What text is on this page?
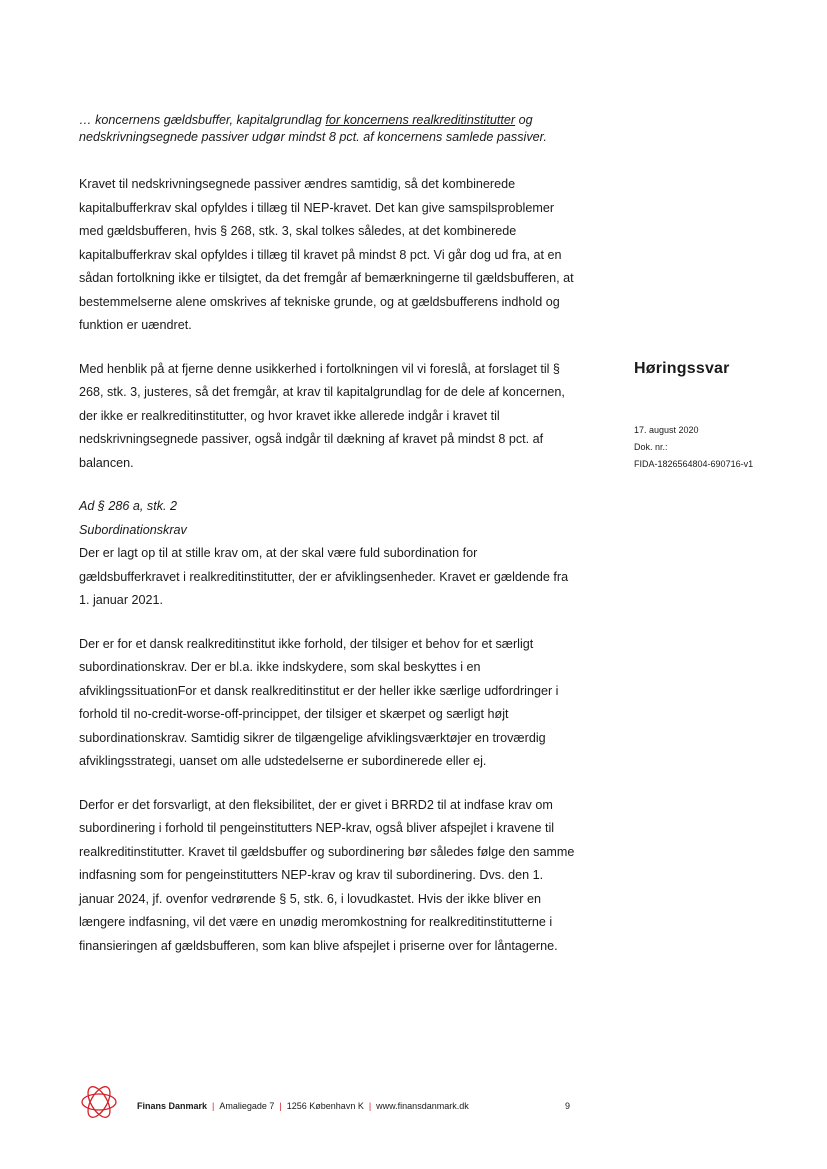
… koncernens gældsbuffer, kapitalgrundlag for koncernens realkreditinstitutter og nedskrivningsegnede passiver udgør mindst 8 pct. af koncernens samlede passiver.

Kravet til nedskrivningsegnede passiver ændres samtidig, så det kombinerede kapitalbufferkrav skal opfyldes i tillæg til NEP-kravet. Det kan give samspilsproblemer med gældsbufferen, hvis § 268, stk. 3, skal tolkes således, at det kombinerede kapitalbufferkrav skal opfyldes i tillæg til kravet på mindst 8 pct. Vi går dog ud fra, at en sådan fortolkning ikke er tilsigtet, da det fremgår af bemærkningerne til gældsbufferen, at bestemmelserne alene omskrives af tekniske grunde, og at gældsbufferens indhold og funktion er uændret.

Med henblik på at fjerne denne usikkerhed i fortolkningen vil vi foreslå, at forslaget til § 268, stk. 3, justeres, så det fremgår, at krav til kapitalgrundlag for de dele af koncernen, der ikke er realkreditinstitutter, og hvor kravet ikke allerede indgår i kravet til nedskrivningsegnede passiver, også indgår til dækning af kravet på mindst 8 pct. af balancen.

Ad § 286 a, stk. 2
Subordinationskrav

Der er lagt op til at stille krav om, at der skal være fuld subordination for gældsbufferkravet i realkreditinstitutter, der er afviklingsenheder. Kravet er gældende fra 1. januar 2021.

Der er for et dansk realkreditinstitut ikke forhold, der tilsiger et behov for et særligt subordinationskrav. Der er bl.a. ikke indskydere, som skal beskyttes i en afviklingssituationFor et dansk realkreditinstitut er der heller ikke særlige udfordringer i forhold til no-credit-worse-off-princippet, der tilsiger et skærpet og særligt højt subordinationskrav. Samtidig sikrer de tilgængelige afviklingsværktøjer en troværdig afviklingsstrategi, uanset om alle udstedelserne er subordinerede eller ej.

Derfor er det forsvarligt, at den fleksibilitet, der er givet i BRRD2 til at indfase krav om subordinering i forhold til pengeinstitutters NEP-krav, også bliver afspejlet i kravene til realkreditinstitutter. Kravet til gældsbuffer og subordinering bør således følge den samme indfasning som for pengeinstitutters NEP-krav og krav til subordinering. Dvs. den 1. januar 2024, jf. ovenfor vedrørende § 5, stk. 6, i lovudkastet. Hvis der ikke bliver en længere indfasning, vil det være en unødig meromkostning for realkreditinstitutterne i finansieringen af gældsbufferen, som kan blive afspejlet i priserne over for låntagerne.

Høringssvar
17. august 2020
Dok. nr.:
FIDA-1826564804-690716-v1
Finans Danmark | Amaliegade 7 | 1256 København K | www.finansdanmark.dk	9
